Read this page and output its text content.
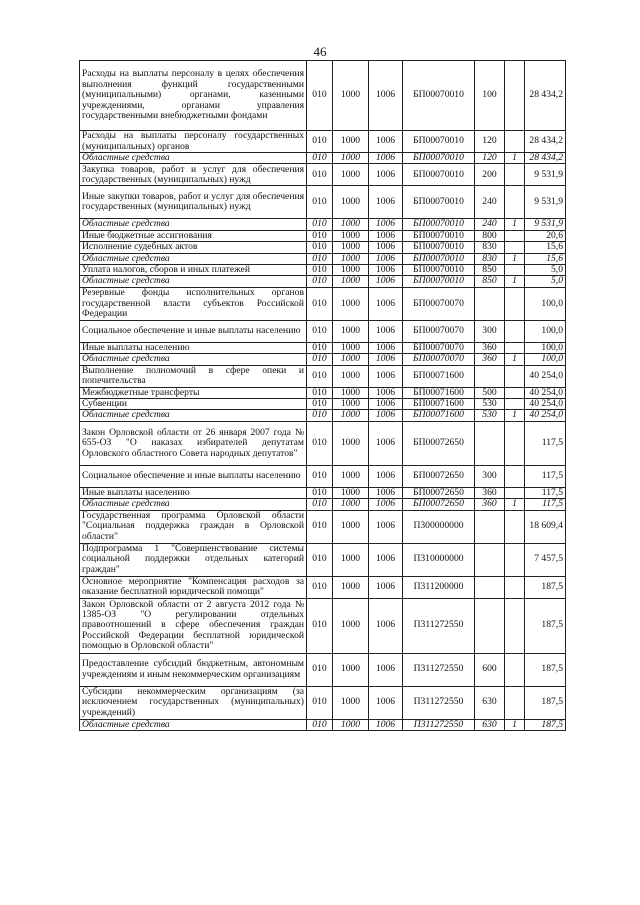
46
Расходы на выплаты персоналу в целях обеспечения выполнения функций государственными (муниципальными) органами, казенными учреждениями, органами управления государственными внебюджетными фондами	010	1000	1006	БП00070010	100		28 434,2
Расходы на выплаты персоналу государственных (муниципальных) органов	010	1000	1006	БП00070010	120		28 434,2
Областные средства	010	1000	1006	БП00070010	120	1	28 434,2
Закупка товаров, работ и услуг для обеспечения государственных (муниципальных) нужд	010	1000	1006	БП00070010	200		9 531,9
Иные закупки товаров, работ и услуг для обеспечения государственных (муниципальных) нужд	010	1000	1006	БП00070010	240		9 531,9
Областные средства	010	1000	1006	БП00070010	240	1	9 531,9
Иные бюджетные ассигнования	010	1000	1006	БП00070010	800		20,6
Исполнение судебных актов	010	1000	1006	БП00070010	830		15,6
Областные средства	010	1000	1006	БП00070010	830	1	15,6
Уплата налогов, сборов и иных платежей	010	1000	1006	БП00070010	850		5,0
Областные средства	010	1000	1006	БП00070010	850	1	5,0
Резервные фонды исполнительных органов государственной власти субъектов Российской Федерации	010	1000	1006	БП00070070			100,0
Социальное обеспечение и иные выплаты населению	010	1000	1006	БП00070070	300		100,0
Иные выплаты населению	010	1000	1006	БП00070070	360		100,0
Областные средства	010	1000	1006	БП00070070	360	1	100,0
Выполнение полномочий в сфере опеки и попечительства	010	1000	1006	БП00071600			40 254,0
Межбюджетные трансферты	010	1000	1006	БП00071600	500		40 254,0
Субвенции	010	1000	1006	БП00071600	530		40 254,0
Областные средства	010	1000	1006	БП00071600	530	1	40 254,0
Закон Орловской области от 26 января 2007 года № 655-ОЗ "О наказах избирателей депутатам Орловского областного Совета народных депутатов"	010	1000	1006	БП00072650			117,5
Социальное обеспечение и иные выплаты населению	010	1000	1006	БП00072650	300		117,5
Иные выплаты населению	010	1000	1006	БП00072650	360		117,5
Областные средства	010	1000	1006	БП00072650	360	1	117,5
Государственная программа Орловской области "Социальная поддержка граждан в Орловской области"	010	1000	1006	П300000000			18 609,4
Подпрограмма 1 "Совершенствование системы социальной поддержки отдельных категорий граждан"	010	1000	1006	П310000000			7 457,5
Основное мероприятие "Компенсация расходов за оказание бесплатной юридической помощи"	010	1000	1006	П311200000			187,5
Закон Орловской области от 2 августа 2012 года № 1385-ОЗ "О регулировании отдельных правоотношений в сфере обеспечения граждан Российской Федерации бесплатной юридической помощью в Орловской области"	010	1000	1006	П311272550			187,5
Предоставление субсидий бюджетным, автономным учреждениям и иным некоммерческим организациям	010	1000	1006	П311272550	600		187,5
Субсидии некоммерческим организациям (за исключением государственных (муниципальных) учреждений)	010	1000	1006	П311272550	630		187,5
Областные средства	010	1000	1006	П311272550	630	1	187,5
